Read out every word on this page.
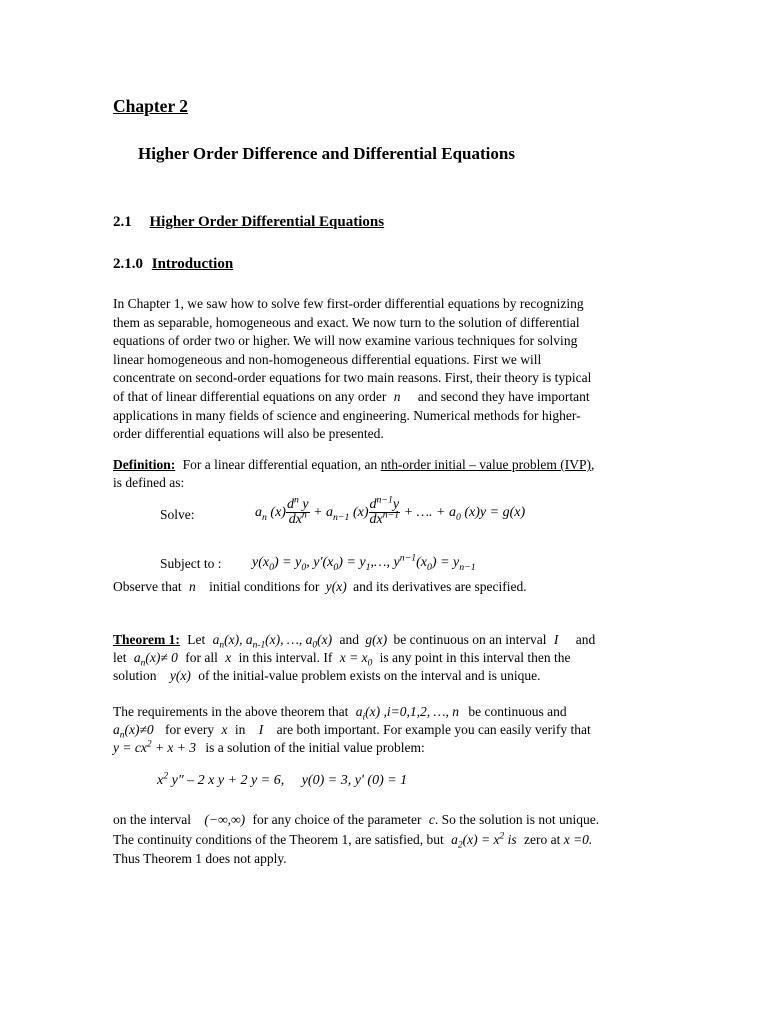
Chapter 2
Higher Order Difference and Differential Equations
2.1 Higher Order Differential Equations
2.1.0 Introduction
In Chapter 1, we saw how to solve few first-order differential equations by recognizing
them as separable, homogeneous and exact. We now turn to the solution of differential
equations of order two or higher. We will now examine various techniques for solving
linear homogeneous and non-homogeneous differential equations. First we will
concentrate on second-order equations for two main reasons. First, their theory is typical
of that of linear differential equations on any order n and second they have important
applications in many fields of science and engineering. Numerical methods for higher-
order differential equations will also be presented.
Definition: For a linear differential equation, an nth-order initial – value problem (IVP),
is defined as:
Solve:	$a_n$ $(x) \frac{d^n y}{dx^n} + a_{n-1}$ $(x) \frac{d^{n-1}y}{dx^{n-1}}$ + …. + $a_0$ (x)y = g(x)
Subject to : $y(x_0) = y_0$, $y'(x_0)$ = $y_1,\dots$, $y^{n-1}(x_0) = y_{n-1}$
Observe that n initial conditions for y(x) and its derivatives are specified.
Theorem 1: Let $a_n(x)$, $a_{n-1}(x)$, …, $a_0(x)$ and g(x) be continuous on an interval I and
let $a_n(x)\ne 0$ for all x in this interval. If $x = x_0$ is any point in this interval then the
solution y(x) of the initial-value problem exists on the interval and is unique.
The requirements in the above theorem that $a_i(x)$ ,i=0,1,2, …, n be continuous and
$a_n(x)\ne 0$ for every x in I are both important. For example you can easily verify that
$y = cx^2 + x + 3$ is a solution of the initial value problem:
$x^2$ y″ – 2 x y + 2 y = 6, y(0) = 3, yʹ (0) = 1
on the interval (−∞,∞) for any choice of the parameter c. So the solution is not unique.
The continuity conditions of the Theorem 1, are satisfied, but $a_2(x) = x^2$ is zero at x =0.
Thus Theorem 1 does not apply.
